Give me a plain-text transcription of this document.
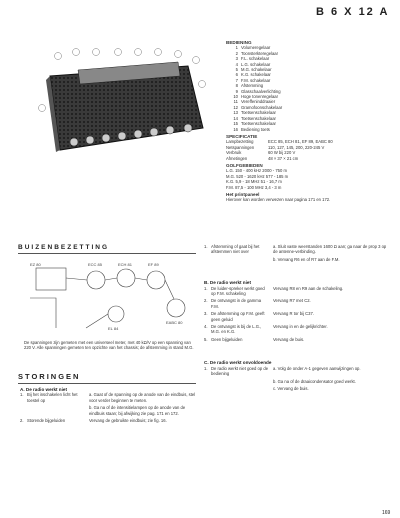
B 6 X 12 A
BEDIENING
1 Volumeregelaar
2 Toonsterkteregelaar
3 F.L. schakelaar
4 L.G. schakelaar
5 M.G. schakelaar
6 K.G. schakelaar
7 F.M. schakelaar
8 Afstemming
9 Glasschaalverlichting
10 Hoge tonenregelaar
11 Vereffeninddraaier
12 Gramofoonschakelaar
13 Toetsenschakelaar
14 Toetsenschakelaar
15 Toetsenschakelaar
16 Bediening toets
SPECIFICATIE
Lampbezetting	ECC 85, ECH 81, EF 89, EABC 80
Netspanningen	110, 127, 145, 200, 220-245 V
Verbruik	60 W bij 220 V
Afmetingen	48 × 37 × 21 cm
GOLFGEBIEDEN
L.G. 150 - 400 kHz 2000 - 750 m
M.G. 520 - 1620 kHz 577 - 185 m
K.G. 5,9 - 18 MHz 51 - 16,7 m
F.M. 87,5 - 100 MHz 3,4 - 3 m
Het printpaneel
Hierover kan worden verwezen naar pagina 171 en 172.
BUIZENBEZETTING
EZ 80	ECC 85	ECH 81	EF 89
EABC 80
EL 84
De spanningen zijn gemeten met een universeel meter, met 40 kΩ/V op een spanning van 220 V. Alle spanningen gemeten ten opzichte van het chassis; de afstemming in stand M.G.
STORINGEN
A. De radio werkt niet
1. Bij het inschakelen licht het toestel op
a. Gaat of de spanning op de anode van de eindbuis, stel voor verder beginnen te meten.
b. Ga na of de intensitielampen op de anode van de eindbuis staan; bij afwijking zie pag. 171 en 172.
2. Storende bijgeluiden	Vervang de gebruikte eindbuis; zie fig. 16.
1. Afstemming of gaat bij het afstemmen niet over
a. Sluit vaste weerstanden 1600 Ω aan; ga naar de prop 3 op de antenne-verbinding.
b. Vervang R6 en of R7 aan de F.M.
B. De radio werkt niet
1. De luider-spreker werkt goed op F.M. schakeling
Vervang R8 en R9 aan de schakeling.
2. De ontvangst in de gamma F.M.
Vervang R7 met C2.
3. De afstemming op F.M. geeft geen geluid
Vervang R tor bij C37.
4. De ontvangst is bij de L.G., M.G. en K.G.
Vervang in en de gelijkrichter.
5. Geen bijgeluiden	Vervang de buis.
C. De radio werkt onvoldoende
1. De radio werkt niet goed op de bediening
a. Volg de onder A-1 gegeven aanwijzingen op.
b. Ga na of de draaicondensator goed werkt.
c. Vervang de buis.
169
